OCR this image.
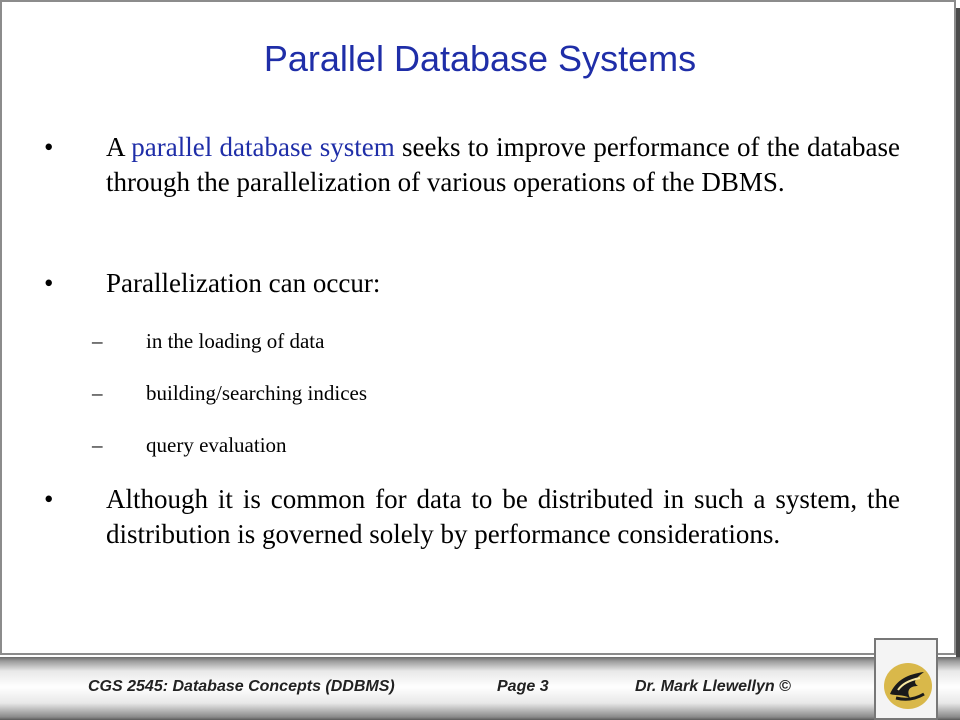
Parallel Database Systems
• A parallel database system seeks to improve performance of the database through the parallelization of various operations of the DBMS.
• Parallelization can occur:
– in the loading of data
– building/searching indices
– query evaluation
• Although it is common for data to be distributed in such a system, the distribution is governed solely by performance considerations.
CGS 2545: Database Concepts (DDBMS)	Page 3	Dr. Mark Llewellyn ©
